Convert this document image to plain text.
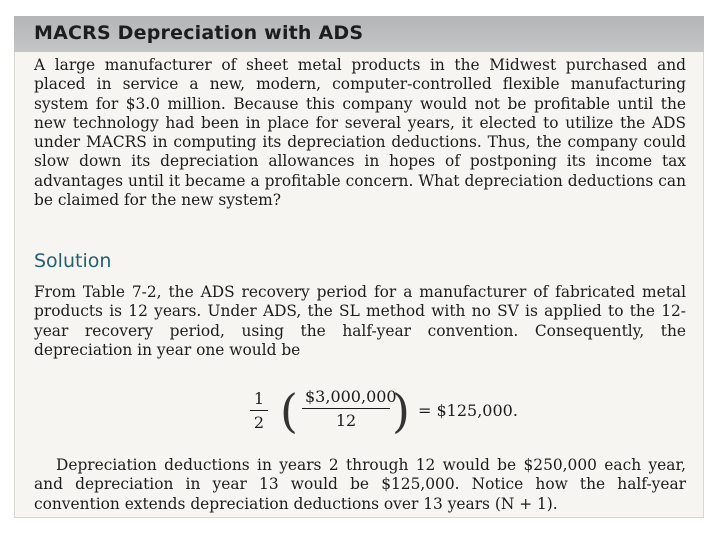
MACRS Depreciation with ADS

A large manufacturer of sheet metal products in the Midwest purchased and placed in service a new, modern, computer-controlled flexible manufacturing system for $3.0 million. Because this company would not be profitable until the new technology had been in place for several years, it elected to utilize the ADS under MACRS in computing its depreciation deductions. Thus, the company could slow down its depreciation allowances in hopes of postponing its income tax advantages until it became a profitable concern. What depreciation deductions can be claimed for the new system?

Solution

From Table 7-2, the ADS recovery period for a manufacturer of fabricated metal products is 12 years. Under ADS, the SL method with no SV is applied to the 12-year recovery period, using the half-year convention. Consequently, the depreciation in year one would be

$\frac{1}{2}$ ( $\frac{\$3,000,000}{12}$ ) = $125,000.

Depreciation deductions in years 2 through 12 would be $250,000 each year, and depreciation in year 13 would be $125,000. Notice how the half-year convention extends depreciation deductions over 13 years (N + 1).
